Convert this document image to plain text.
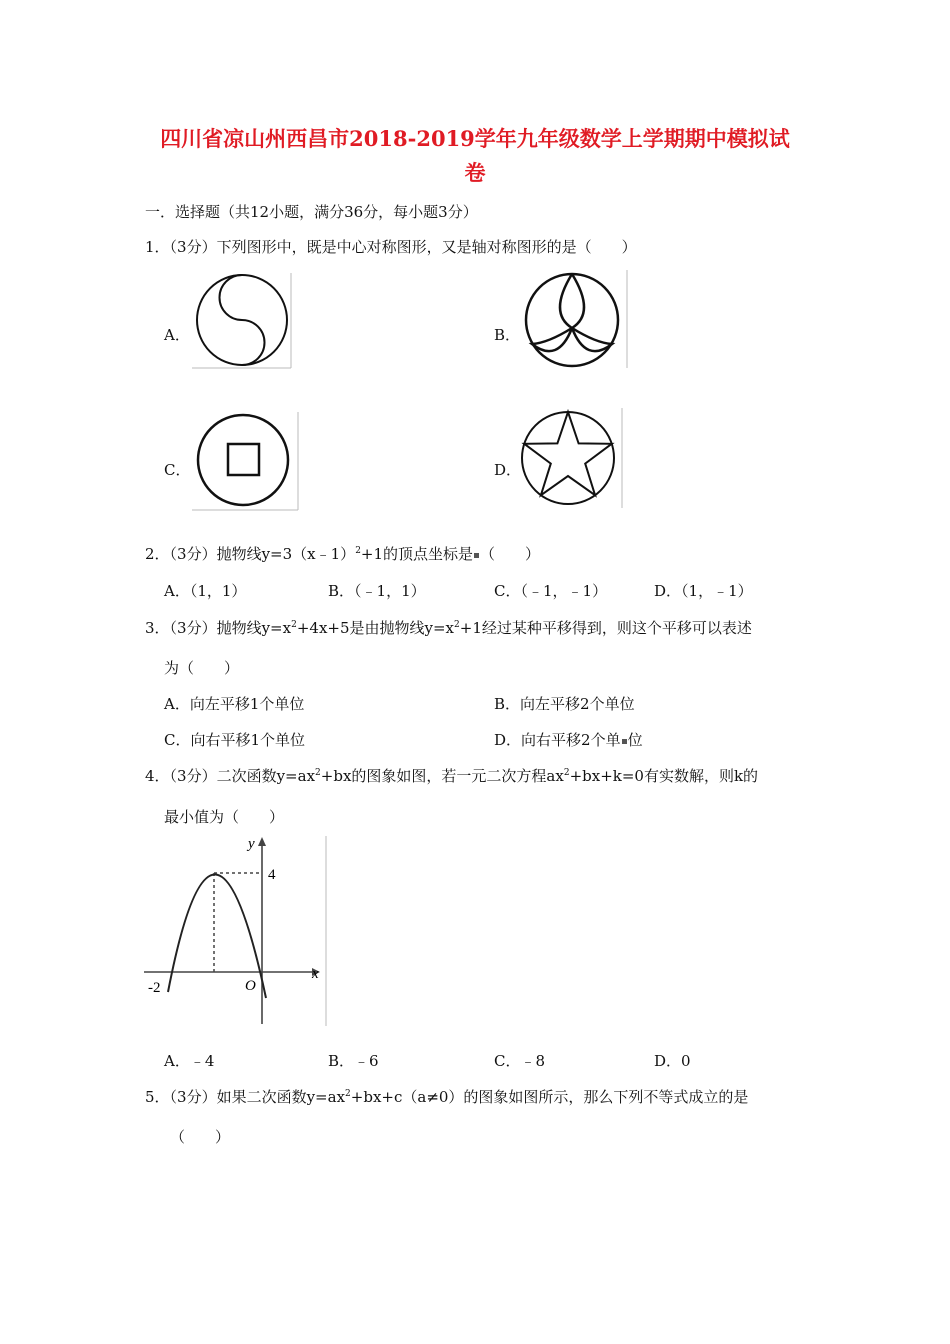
四川省凉山州西昌市2018-2019学年九年级数学上学期期中模拟试
卷
一．选择题（共12小题，满分36分，每小题3分）
1．（3分）下列图形中，既是中心对称图形，又是轴对称图形的是（　　）
A．	B．
C．	D．
2．（3分）抛物线y=3（x﹣1）$^2$+1的顶点坐标是 （　　）
A．（1，1）	B．（﹣1，1）	C．（﹣1，﹣1）	D．（1，﹣1）
3．（3分）抛物线$y=x^2+4x+5$是由抛物线$y=x^2+1$经过某种平移得到，则这个平移可以表述
为（　　）
A．向左平移1个单位	B．向左平移2个单位
C．向右平移1个单位	D．向右平移2个单 位
4．（3分）二次函数$y=ax^2+bx$的图象如图，若一元二次方程$ax^2+bx+k=0$有实数解，则k的
最小值为（　　）
y
x
4
-2	O
A．﹣4	B．﹣6	C．﹣8	D．0
5．（3分）如果二次函数$y=ax^2+bx+c(a\ne 0)$的图象如图所示，那么下列不等式成立的是
（　　）
